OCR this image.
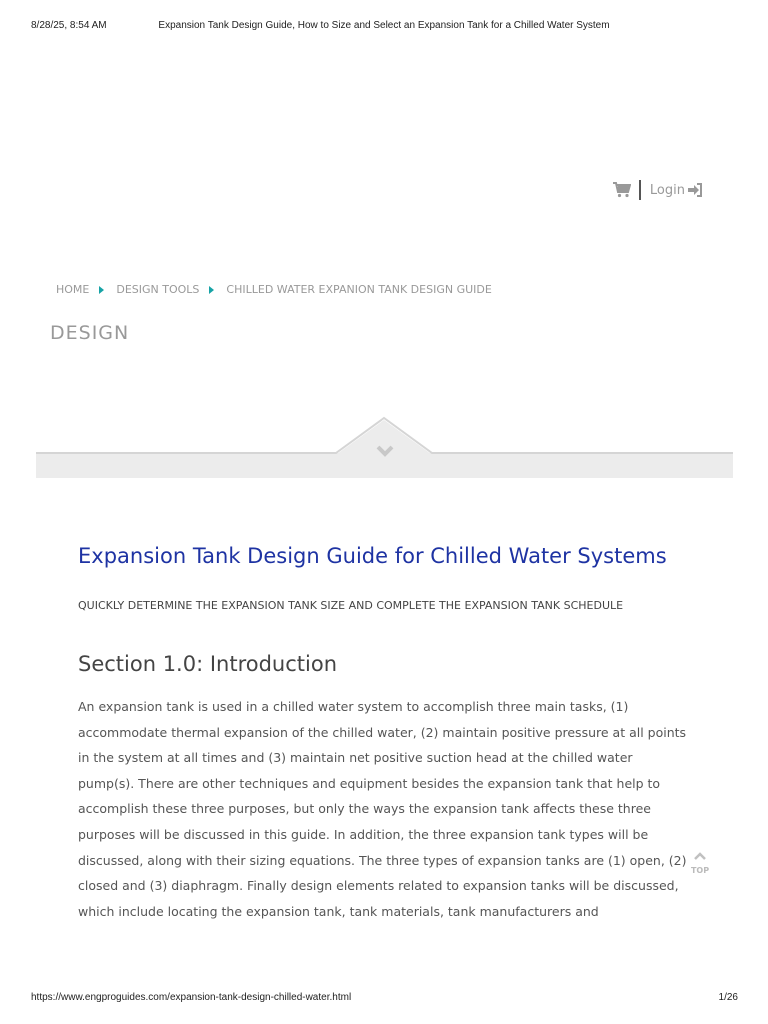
8/28/25, 8:54 AM	Expansion Tank Design Guide, How to Size and Select an Expansion Tank for a Chilled Water System
Login
HOME DESIGN TOOLS CHILLED WATER EXPANION TANK DESIGN GUIDE
DESIGN
Expansion Tank Design Guide for Chilled Water Systems
QUICKLY DETERMINE THE EXPANSION TANK SIZE AND COMPLETE THE EXPANSION TANK SCHEDULE
Section 1.0: Introduction

An expansion tank is used in a chilled water system to accomplish three main tasks, (1) accommodate thermal expansion of the chilled water, (2) maintain positive pressure at all points in the system at all times and (3) maintain net positive suction head at the chilled water pump(s). There are other techniques and equipment besides the expansion tank that help to accomplish these three purposes, but only the ways the expansion tank affects these three purposes will be discussed in this guide. In addition, the three expansion tank types will be discussed, along with their sizing equations. The three types of expansion tanks are (1) open, (2) closed and (3) diaphragm. Finally design elements related to expansion tanks will be discussed, which include locating the expansion tank, tank materials, tank manufacturers and

TOP
https://www.engproguides.com/expansion-tank-design-chilled-water.html	1/26
